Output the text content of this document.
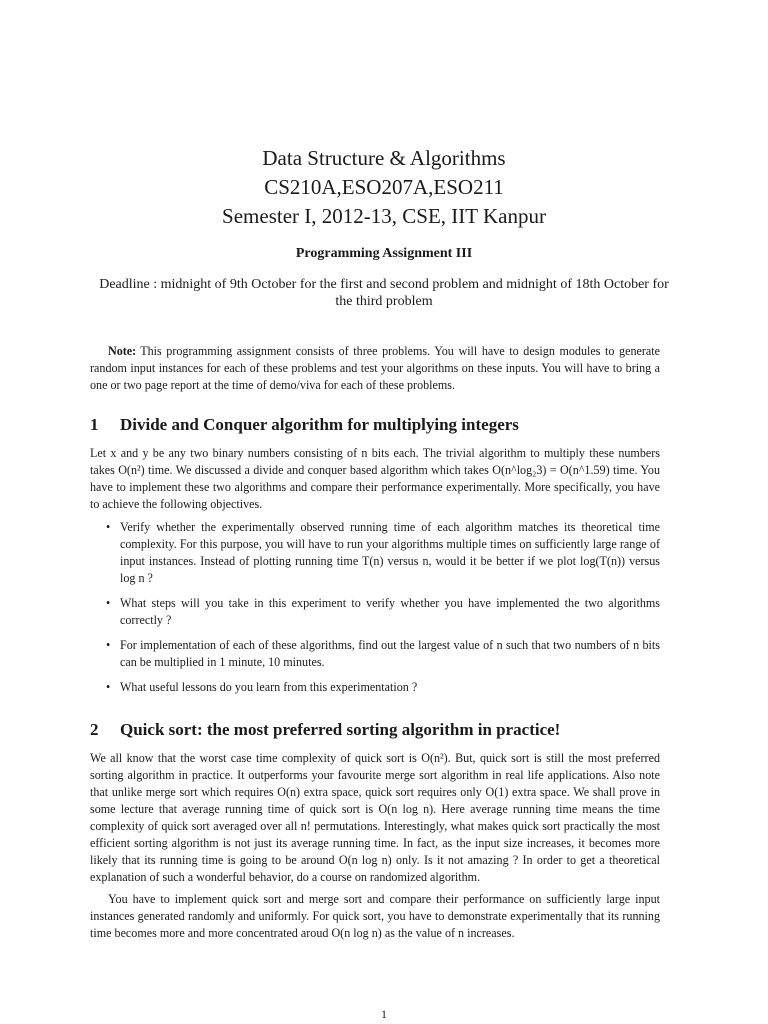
Data Structure & Algorithms

CS210A,ESO207A,ESO211

Semester I, 2012-13, CSE, IIT Kanpur

Programming Assignment III
Deadline : midnight of 9th October for the first and second problem and midnight of 18th October for the third problem
Note: This programming assignment consists of three problems. You will have to design modules to generate random input instances for each of these problems and test your algorithms on these inputs. You will have to bring a one or two page report at the time of demo/viva for each of these problems.
1 Divide and Conquer algorithm for multiplying integers

Let x and y be any two binary numbers consisting of n bits each. The trivial algorithm to multiply these numbers takes O(n²) time. We discussed a divide and conquer based algorithm which takes O(n^log₂3) = O(n^1.59) time. You have to implement these two algorithms and compare their performance experimentally. More specifically, you have to achieve the following objectives.

• Verify whether the experimentally observed running time of each algorithm matches its theoretical time complexity. For this purpose, you will have to run your algorithms multiple times on sufficiently large range of input instances. Instead of plotting running time T(n) versus n, would it be better if we plot log(T(n)) versus log n ?
• What steps will you take in this experiment to verify whether you have implemented the two algorithms correctly ?
• For implementation of each of these algorithms, find out the largest value of n such that two numbers of n bits can be multiplied in 1 minute, 10 minutes.
• What useful lessons do you learn from this experimentation ?
2 Quick sort: the most preferred sorting algorithm in practice!

We all know that the worst case time complexity of quick sort is O(n²). But, quick sort is still the most preferred sorting algorithm in practice. It outperforms your favourite merge sort algorithm in real life applications. Also note that unlike merge sort which requires O(n) extra space, quick sort requires only O(1) extra space. We shall prove in some lecture that average running time of quick sort is O(n log n). Here average running time means the time complexity of quick sort averaged over all n! permutations. Interestingly, what makes quick sort practically the most efficient sorting algorithm is not just its average running time. In fact, as the input size increases, it becomes more likely that its running time is going to be around O(n log n) only. Is it not amazing ? In order to get a theoretical explanation of such a wonderful behavior, do a course on randomized algorithm.

You have to implement quick sort and merge sort and compare their performance on sufficiently large input instances generated randomly and uniformly. For quick sort, you have to demonstrate experimentally that its running time becomes more and more concentrated aroud O(n log n) as the value of n increases.

1
